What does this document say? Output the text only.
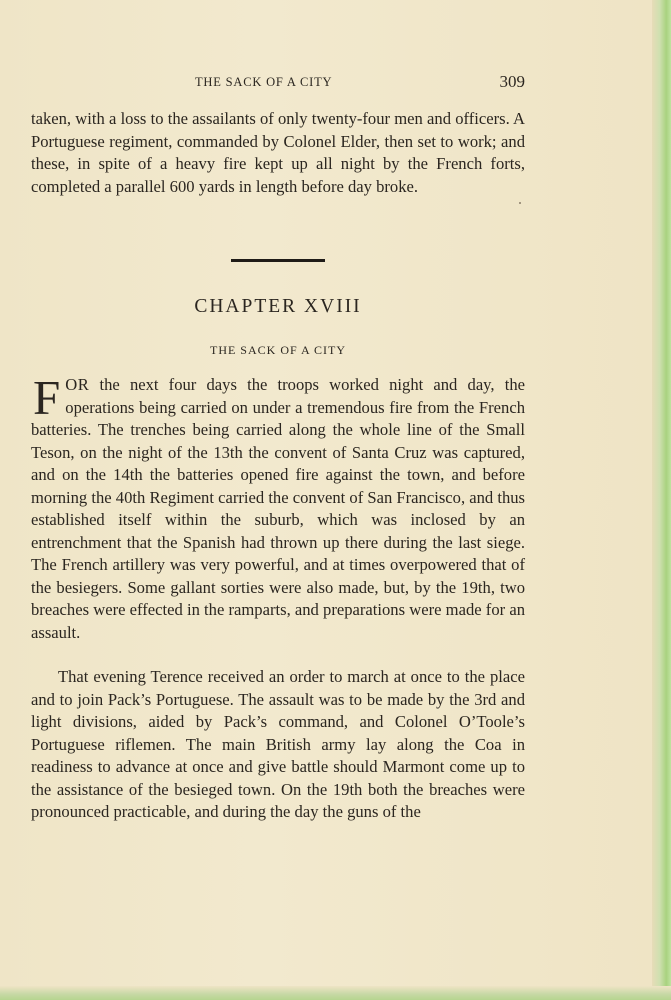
THE SACK OF A CITY	309

taken, with a loss to the assailants of only twenty-four men and officers. A Portuguese regiment, commanded by Colonel Elder, then set to work; and these, in spite of a heavy fire kept up all night by the French forts, completed a parallel 600 yards in length before day broke.

CHAPTER XVIII
THE SACK OF A CITY

FOR the next four days the troops worked night and day, the operations being carried on under a tremendous fire from the French batteries. The trenches being carried along the whole line of the Small Teson, on the night of the 13th the convent of Santa Cruz was captured, and on the 14th the batteries opened fire against the town, and before morning the 40th Regiment carried the convent of San Francisco, and thus established itself within the suburb, which was inclosed by an entrenchment that the Spanish had thrown up there during the last siege. The French artillery was very powerful, and at times overpowered that of the besiegers. Some gallant sorties were also made, but, by the 19th, two breaches were effected in the ramparts, and preparations were made for an assault.

That evening Terence received an order to march at once to the place and to join Pack’s Portuguese. The assault was to be made by the 3rd and light divisions, aided by Pack’s command, and Colonel O’Toole’s Portuguese riflemen. The main British army lay along the Coa in readiness to advance at once and give battle should Marmont come up to the assistance of the besieged town. On the 19th both the breaches were pronounced practicable, and during the day the guns of the
